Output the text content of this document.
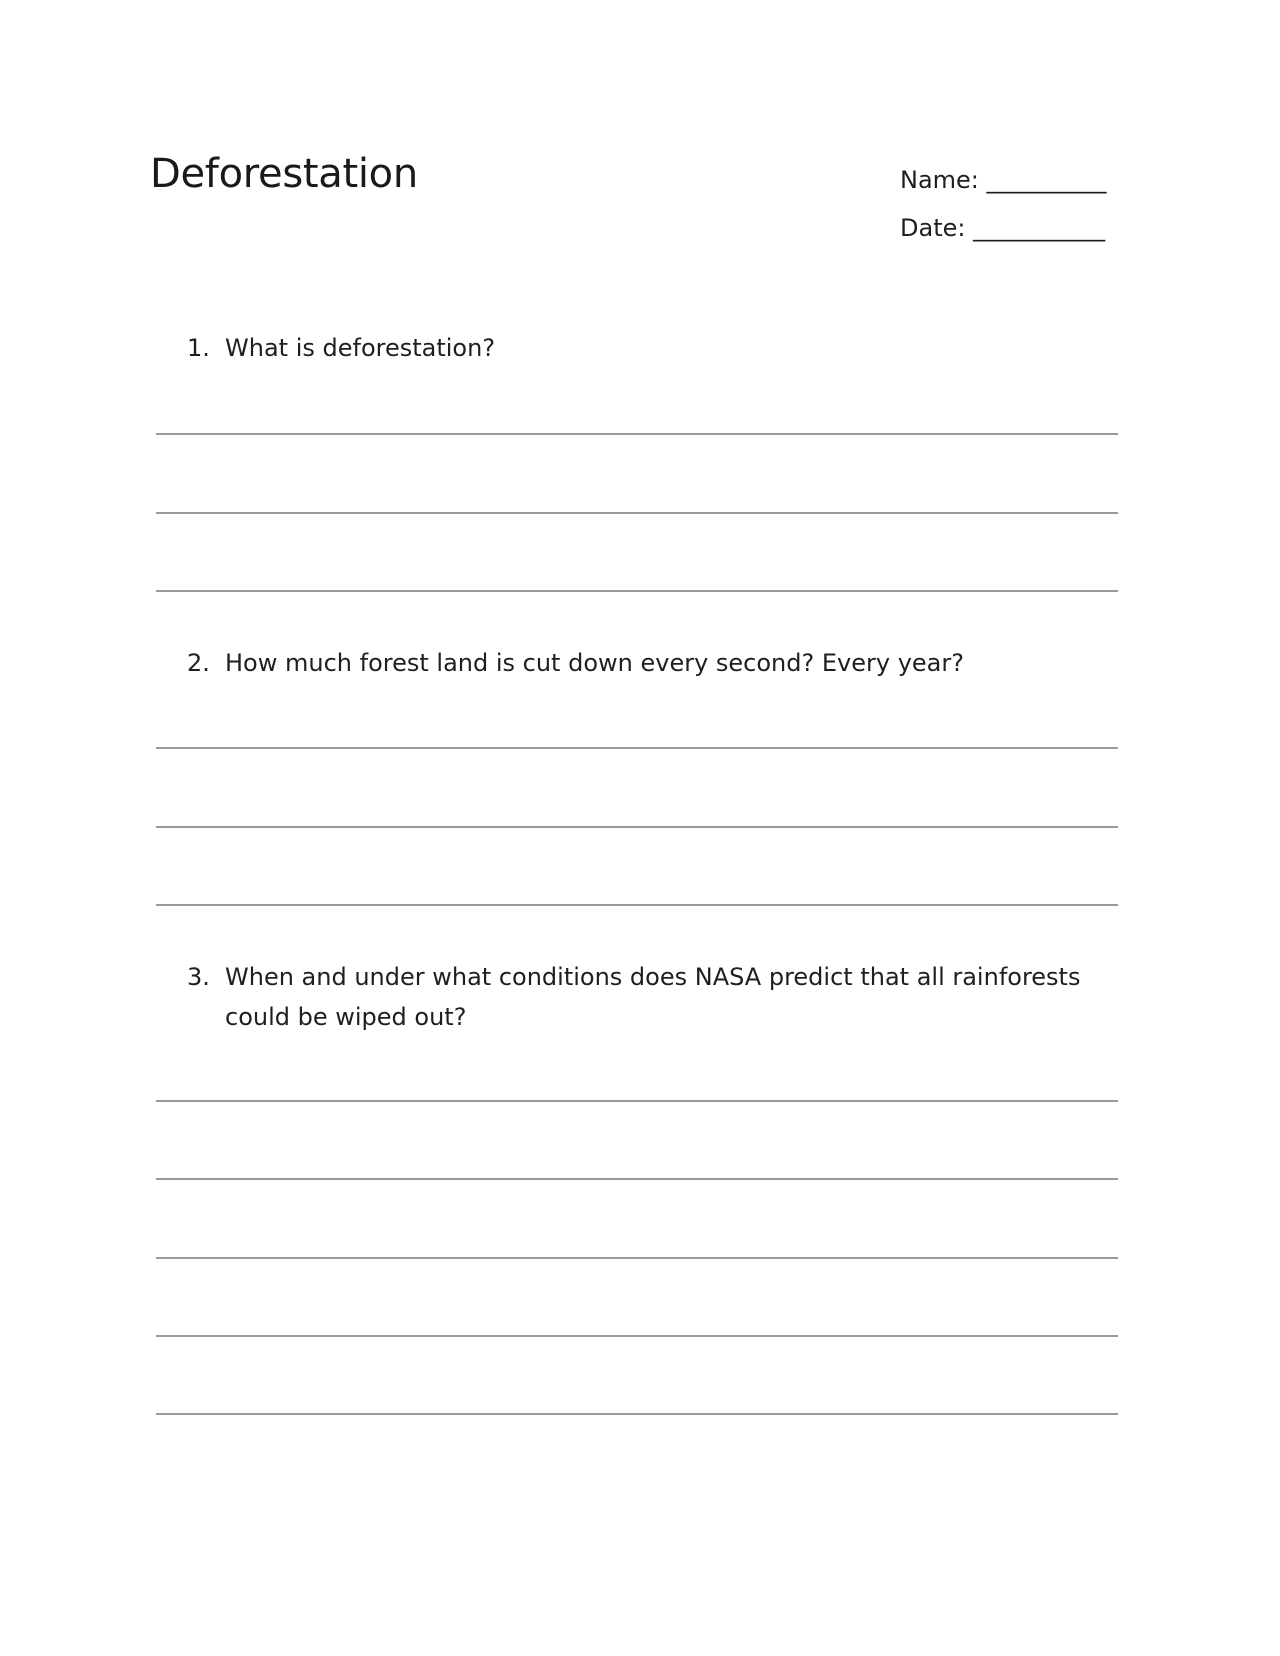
Deforestation	Name: __________
Date: ___________
1. What is deforestation?
2. How much forest land is cut down every second? Every year?
3. When and under what conditions does NASA predict that all rainforests could be wiped out?
